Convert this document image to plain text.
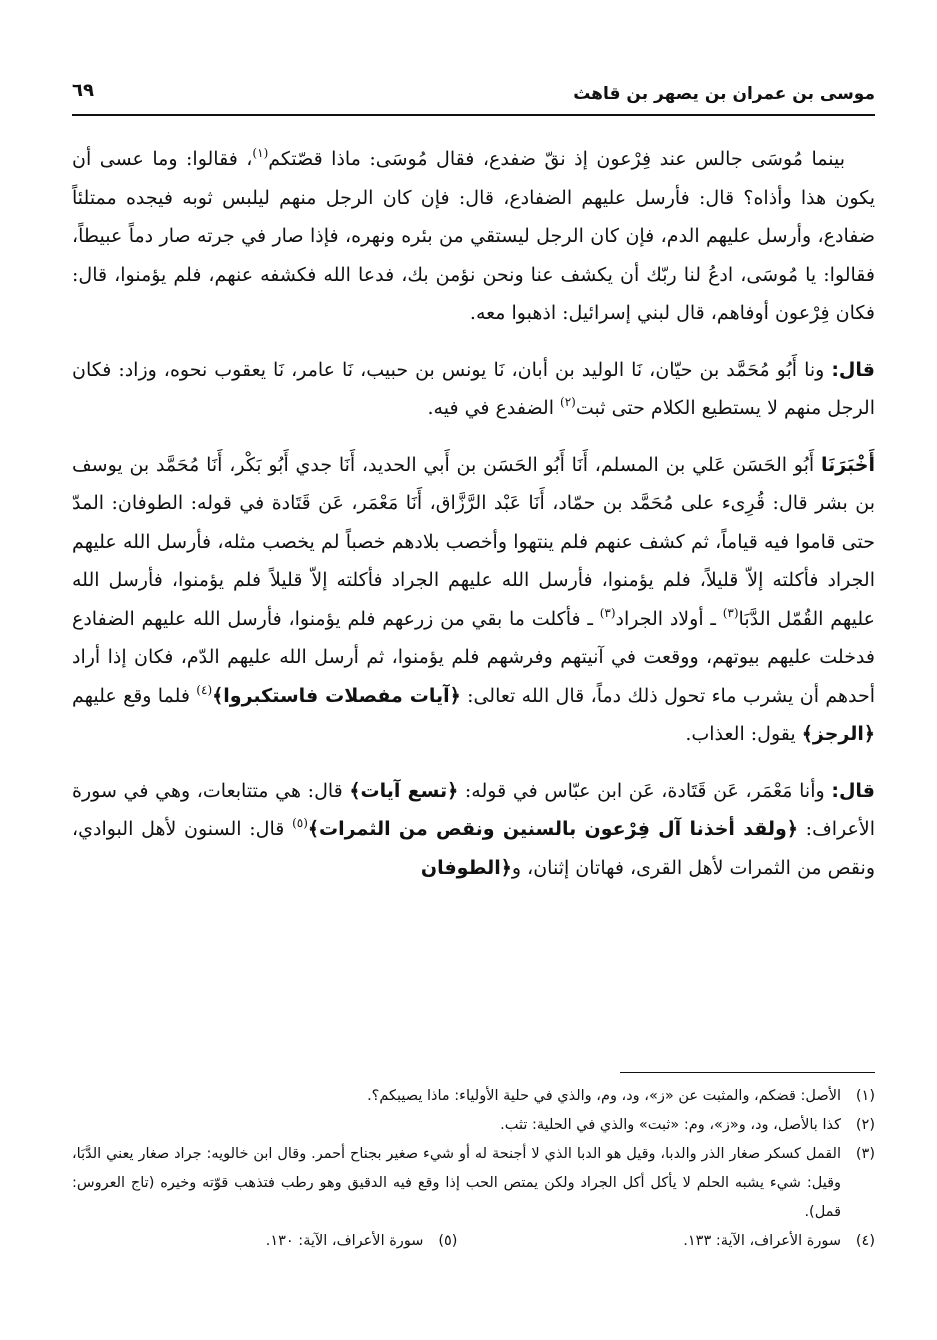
موسى بن عمران بن يصهر بن قاهث
٦٩

بينما مُوسَى جالس عند فِرْعون إذ نقّ ضفدع، فقال مُوسَى: ماذا قصّتكم$^{(١)}$، فقالوا: وما عسى أن يكون هذا وأذاه؟ قال: فأرسل عليهم الضفادع، قال: فإن كان الرجل منهم ليلبس ثوبه فيجده ممتلئاً ضفادع، وأرسل عليهم الدم، فإن كان الرجل ليستقي من بئره ونهره، فإذا صار في جرته صار دماً عبيطاً، فقالوا: يا مُوسَى، ادعُ لنا ربّك أن يكشف عنا ونحن نؤمن بك، فدعا الله فكشفه عنهم، فلم يؤمنوا، قال: فكان فِرْعون أوفاهم، قال لبني إسرائيل: اذهبوا معه.

قال: ونا أَبُو مُحَمَّد بن حيّان، نَا الوليد بن أبان، نَا يونس بن حبيب، نَا عامر، نَا يعقوب نحوه، وزاد: فكان الرجل منهم لا يستطيع الكلام حتى ثبت$^{(٢)}$ الضفدع في فيه.

أَخْبَرَنَا أَبُو الحَسَن عَلي بن المسلم، أَنَا أَبُو الحَسَن بن أَبي الحديد، أَنَا جدي أَبُو بَكْر، أَنَا مُحَمَّد بن يوسف بن بشر قال: قُرِىء على مُحَمَّد بن حمّاد، أَنَا عَبْد الرَّزَّاق، أَنَا مَعْمَر، عَن قَتَادة في قوله: الطوفان: المدّ حتى قاموا فيه قياماً، ثم كشف عنهم فلم ينتهوا وأخصب بلادهم خصباً لم يخصب مثله، فأرسل الله عليهم الجراد فأكلته إلاّ قليلاً، فلم يؤمنوا، فأرسل الله عليهم الجراد فأكلته إلاّ قليلاً فلم يؤمنوا، فأرسل الله عليهم القُمّل الدَّبَا$^{(٣)}$ ـ أولاد الجراد$^{(٣)}$ ـ فأكلت ما بقي من زرعهم فلم يؤمنوا، فأرسل الله عليهم الضفادع فدخلت عليهم بيوتهم، ووقعت في آنيتهم وفرشهم فلم يؤمنوا، ثم أرسل الله عليهم الدّم، فكان إذا أراد أحدهم أن يشرب ماء تحول ذلك دماً، قال الله تعالى: ﴿آيات مفصلات فاستكبروا﴾$^{(٤)}$ فلما وقع عليهم ﴿الرجز﴾ يقول: العذاب.

قال: وأنا مَعْمَر، عَن قَتَادة، عَن ابن عبّاس في قوله: ﴿تسع آيات﴾ قال: هي متتابعات، وهي في سورة الأعراف: ﴿ولقد أخذنا آل فِرْعون بالسنين ونقص من الثمرات﴾$^{(٥)}$ قال: السنون لأهل البوادي، ونقص من الثمرات لأهل القرى، فهاتان إثنان، و﴿الطوفان

(١)
الأصل: قضكم، والمثبت عن «ز»، ود، وم، والذي في حلية الأولياء: ماذا يصيبكم؟.
(٢)
كذا بالأصل، ود، و«ز»، وم: «ثبت» والذي في الحلية: تثب.
(٣)
القمل كسكر صغار الذر والدبا، وقيل هو الدبا الذي لا أجنحة له أو شيء صغير بجناح أحمر. وقال ابن خالويه: جراد صغار يعني الدَّبَا، وقيل: شيء يشبه الحلم لا يأكل أكل الجراد ولكن يمتص الحب إذا وقع فيه الدقيق وهو رطب فتذهب قوّته وخيره (تاج العروس: قمل).
(٤)
سورة الأعراف، الآية: ١٣٣.
(٥)
سورة الأعراف، الآية: ١٣٠.
